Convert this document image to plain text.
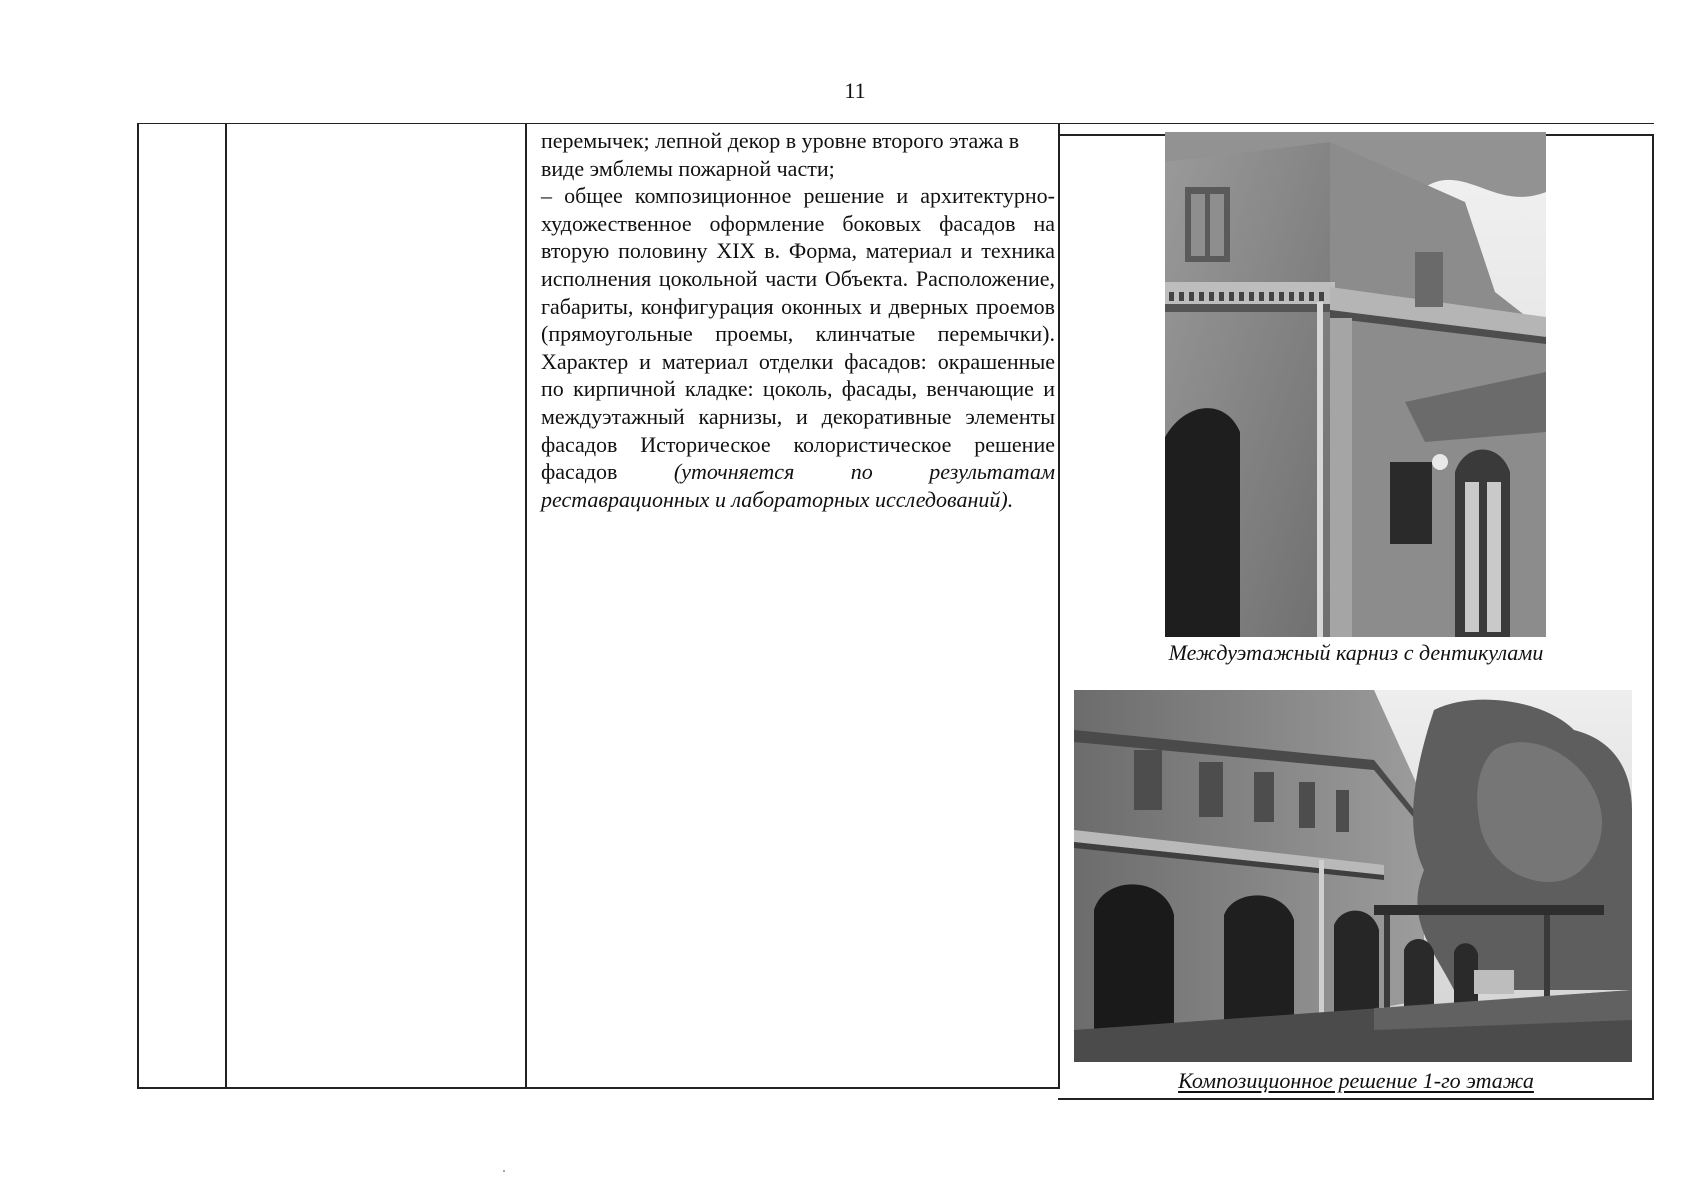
11

перемычек; лепной декор в уровне второго этажа в виде эмблемы пожарной части;

– общее композиционное решение и архитектурно-художественное оформление боковых фасадов на вторую половину XIX в. Форма, материал и техника исполнения цокольной части Объекта. Расположение, габариты, конфигурация оконных и дверных проемов (прямоугольные проемы, клинчатые перемычки). Характер и материал отделки фасадов: окрашенные по кирпичной кладке: цоколь, фасады, венчающие и междуэтажный карнизы, и декоративные элементы фасадов Историческое колористическое решение фасадов	(уточняется по результатам реставрационных и лабораторных исследований).

Междуэтажный карниз с дентикулами
Композиционное решение 1-го этажа
